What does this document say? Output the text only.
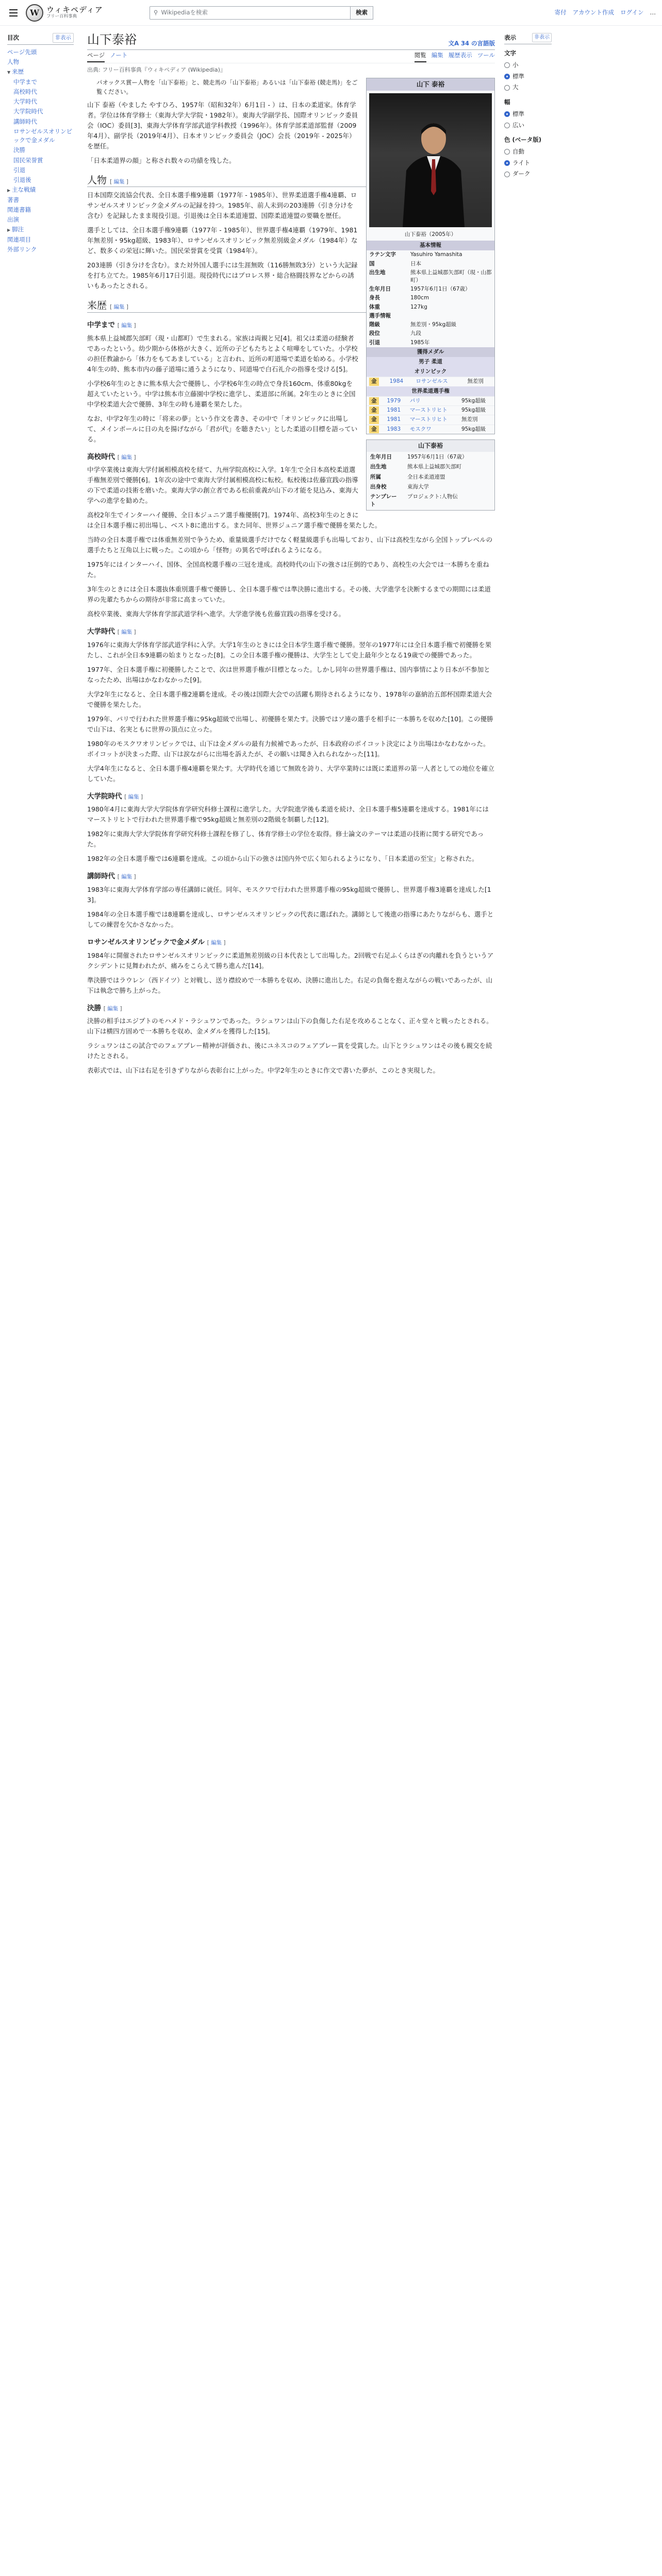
W ウィキペディア
フリー百科事典
⚲ Wikipediaを検索	検索	寄付 アカウント作成 ログイン …
目次	非表示
ページ先頭
人物
▼ 来歴
中学まで
高校時代
大学時代
大学院時代
講師時代
ロサンゼルスオリンピックで金メダル
決勝
国民栄誉賞
引退
引退後
▶ 主な戦績
著書
関連書籍
出演
▶ 脚注
関連項目
外部リンク
山下泰裕	文A 34 の言語版
ページ ノート	閲覧 編集 履歴表示 ツール
出典: フリー百科事典『ウィキペディア (Wikipedia)』
山下 泰裕
山下泰裕（2005年）
基本情報
ラテン文字	Yasuhiro Yamashita
国	日本
出生地	熊本県上益城郡矢部町（現・山都町）
生年月日	1957年6月1日（67歳）
身長	180cm
体重	127kg
選手情報	
階級	無差別・95kg超級
段位	九段
引退	1985年
獲得メダル
男子 柔道
オリンピック
金	1984	ロサンゼルス	無差別
世界柔道選手権
金	1979	パリ	95kg超級
金	1981	マーストリヒト	95kg超級
金	1981	マーストリヒト	無差別
金	1983	モスクワ	95kg超級
パオックス賞ー人物を「山下泰裕」と、競走馬の「山下泰裕」あるいは「山下泰裕 (競走馬)」をご覧ください。

山下 泰裕（やました やすひろ、1957年（昭和32年）6月1日 - ）は、日本の柔道家。体育学者。学位は体育学修士（東海大学大学院・1982年）。東海大学副学長、国際オリンピック委員会（IOC）委員[3]、東海大学体育学部武道学科教授（1996年）。体育学部柔道部監督（2009年4月）、副学長（2019年4月）、日本オリンピック委員会（JOC）会長（2019年 - 2025年）を歴任。

「日本柔道界の顔」と称され数々の功績を残した。

人物 [ 編集 ]

日本国際交流協会代表、全日本選手権9連覇（1977年 - 1985年）、世界柔道選手権4連覇、ロサンゼルスオリンピック金メダルの記録を持つ。1985年、前人未到の203連勝（引き分けを含む）を記録したまま現役引退。引退後は全日本柔道連盟、国際柔道連盟の要職を歴任。

選手としては、全日本選手権9連覇（1977年 - 1985年）、世界選手権4連覇（1979年、1981年無差別・95kg超級、1983年）、ロサンゼルスオリンピック無差別級金メダル（1984年）など、数多くの栄冠に輝いた。国民栄誉賞を受賞（1984年）。

203連勝（引き分けを含む）。また対外国人選手には生涯無敗（116勝無敗3分）という大記録を打ち立てた。1985年6月17日引退。現役時代にはプロレス界・総合格闘技界などからの誘いもあったとされる。

山下泰裕
生年月日	1957年6月1日（67歳）
出生地	熊本県上益城郡矢部町
所属	全日本柔道連盟
出身校	東海大学
テンプレート	プロジェクト:人物伝
来歴 [ 編集 ]
中学まで [ 編集 ]

熊本県上益城郡矢部町（現・山都町）で生まれる。家族は両親と兄[4]。祖父は柔道の経験者であったという。幼少期から体格が大きく、近所の子どもたちとよく喧嘩をしていた。小学校の担任教諭から「体力をもてあましている」と言われ、近所の町道場で柔道を始める。小学校4年生の時、熊本市内の藤子道場に通うようになり、同道場で白石礼介の指導を受ける[5]。

小学校6年生のときに熊本県大会で優勝し、小学校6年生の時点で身長160cm、体重80kgを超えていたという。中学は熊本市立藤園中学校に進学し、柔道部に所属。2年生のときに全国中学校柔道大会で優勝、3年生の時も連覇を果たした。

なお、中学2年生の時に「将来の夢」という作文を書き、その中で「オリンピックに出場して、メインポールに日の丸を揚げながら「君が代」を聴きたい」とした柔道の目標を語っている。

高校時代 [ 編集 ]

中学卒業後は東海大学付属相模高校を経て、九州学院高校に入学。1年生で全日本高校柔道選手権無差別で優勝[6]。1年次の途中で東海大学付属相模高校に転校。転校後は佐藤宣践の指導の下で柔道の技術を磨いた。東海大学の創立者である松前重義が山下の才能を見込み、東海大学への進学を勧めた。

高校2年生でインターハイ優勝、全日本ジュニア選手権優勝[7]。1974年、高校3年生のときには全日本選手権に初出場し、ベスト8に進出する。また同年、世界ジュニア選手権で優勝を果たした。

当時の全日本選手権では体重無差別で争うため、重量級選手だけでなく軽量級選手も出場しており、山下は高校生ながら全国トップレベルの選手たちと互角以上に戦った。この頃から「怪物」の異名で呼ばれるようになる。

1975年にはインターハイ、国体、全国高校選手権の三冠を達成。高校時代の山下の強さは圧倒的であり、高校生の大会では一本勝ちを重ねた。

3年生のときには全日本選抜体重別選手権で優勝し、全日本選手権では準決勝に進出する。その後、大学進学を決断するまでの期間には柔道界の先輩たちからの期待が非常に高まっていた。

高校卒業後、東海大学体育学部武道学科へ進学。大学進学後も佐藤宣践の指導を受ける。

大学時代 [ 編集 ]

1976年に東海大学体育学部武道学科に入学。大学1年生のときには全日本学生選手権で優勝。翌年の1977年には全日本選手権で初優勝を果たし、これが全日本9連覇の始まりとなった[8]。この全日本選手権の優勝は、大学生として史上最年少となる19歳での優勝であった。

1977年、全日本選手権に初優勝したことで、次は世界選手権が目標となった。しかし同年の世界選手権は、国内事情により日本が不参加となったため、出場はかなわなかった[9]。

大学2年生になると、全日本選手権2連覇を達成。その後は国際大会での活躍も期待されるようになり、1978年の嘉納治五郎杯国際柔道大会で優勝を果たした。

1979年、パリで行われた世界選手権に95kg超級で出場し、初優勝を果たす。決勝ではソ連の選手を相手に一本勝ちを収めた[10]。この優勝で山下は、名実ともに世界の頂点に立った。

1980年のモスクワオリンピックでは、山下は金メダルの最有力候補であったが、日本政府のボイコット決定により出場はかなわなかった。ボイコットが決まった際、山下は涙ながらに出場を訴えたが、その願いは聞き入れられなかった[11]。

大学4年生になると、全日本選手権4連覇を果たす。大学時代を通じて無敗を誇り、大学卒業時には既に柔道界の第一人者としての地位を確立していた。

大学院時代 [ 編集 ]

1980年4月に東海大学大学院体育学研究科修士課程に進学した。大学院進学後も柔道を続け、全日本選手権5連覇を達成する。1981年にはマーストリヒトで行われた世界選手権で95kg超級と無差別の2階級を制覇した[12]。

1982年に東海大学大学院体育学研究科修士課程を修了し、体育学修士の学位を取得。修士論文のテーマは柔道の技術に関する研究であった。

1982年の全日本選手権では6連覇を達成。この頃から山下の強さは国内外で広く知られるようになり、「日本柔道の至宝」と称された。

講師時代 [ 編集 ]

1983年に東海大学体育学部の専任講師に就任。同年、モスクワで行われた世界選手権の95kg超級で優勝し、世界選手権3連覇を達成した[13]。

1984年の全日本選手権では8連覇を達成し、ロサンゼルスオリンピックの代表に選ばれた。講師として後進の指導にあたりながらも、選手としての練習を欠かさなかった。

ロサンゼルスオリンピックで金メダル [ 編集 ]

1984年に開催されたロサンゼルスオリンピックに柔道無差別級の日本代表として出場した。2回戦で右足ふくらはぎの肉離れを負うというアクシデントに見舞われたが、痛みをこらえて勝ち進んだ[14]。

準決勝ではラウレン（西ドイツ）と対戦し、送り襟絞めで一本勝ちを収め、決勝に進出した。右足の負傷を抱えながらの戦いであったが、山下は執念で勝ち上がった。

決勝 [ 編集 ]

決勝の相手はエジプトのモハメド・ラシュワンであった。ラシュワンは山下の負傷した右足を攻めることなく、正々堂々と戦ったとされる。山下は横四方固めで一本勝ちを収め、金メダルを獲得した[15]。

ラシュワンはこの試合でのフェアプレー精神が評価され、後にユネスコのフェアプレー賞を受賞した。山下とラシュワンはその後も親交を続けたとされる。

表彰式では、山下は右足を引きずりながら表彰台に上がった。中学2年生のときに作文で書いた夢が、このとき実現した。

表示	非表示
文字
小
標準
大
幅
標準
広い
色 (ベータ版)
自動
ライト
ダーク
